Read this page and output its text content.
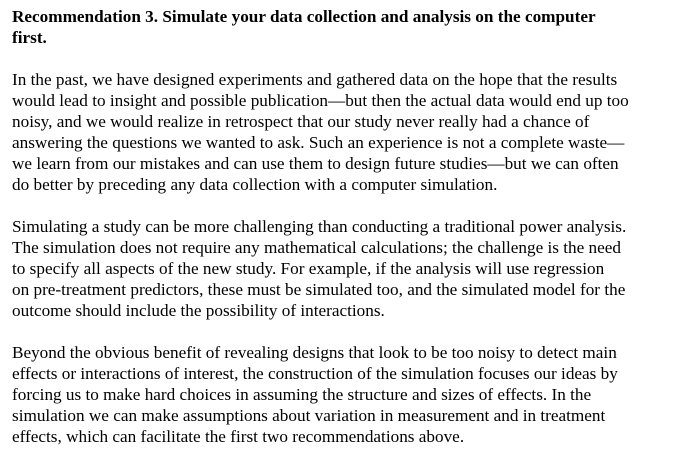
Recommendation 3. Simulate your data collection and analysis on the computer
first.
In the past, we have designed experiments and gathered data on the hope that the results
would lead to insight and possible publication—but then the actual data would end up too
noisy, and we would realize in retrospect that our study never really had a chance of
answering the questions we wanted to ask. Such an experience is not a complete waste—
we learn from our mistakes and can use them to design future studies—but we can often
do better by preceding any data collection with a computer simulation.
Simulating a study can be more challenging than conducting a traditional power analysis.
The simulation does not require any mathematical calculations; the challenge is the need
to specify all aspects of the new study. For example, if the analysis will use regression
on pre-treatment predictors, these must be simulated too, and the simulated model for the
outcome should include the possibility of interactions.
Beyond the obvious benefit of revealing designs that look to be too noisy to detect main
effects or interactions of interest, the construction of the simulation focuses our ideas by
forcing us to make hard choices in assuming the structure and sizes of effects. In the
simulation we can make assumptions about variation in measurement and in treatment
effects, which can facilitate the first two recommendations above.
